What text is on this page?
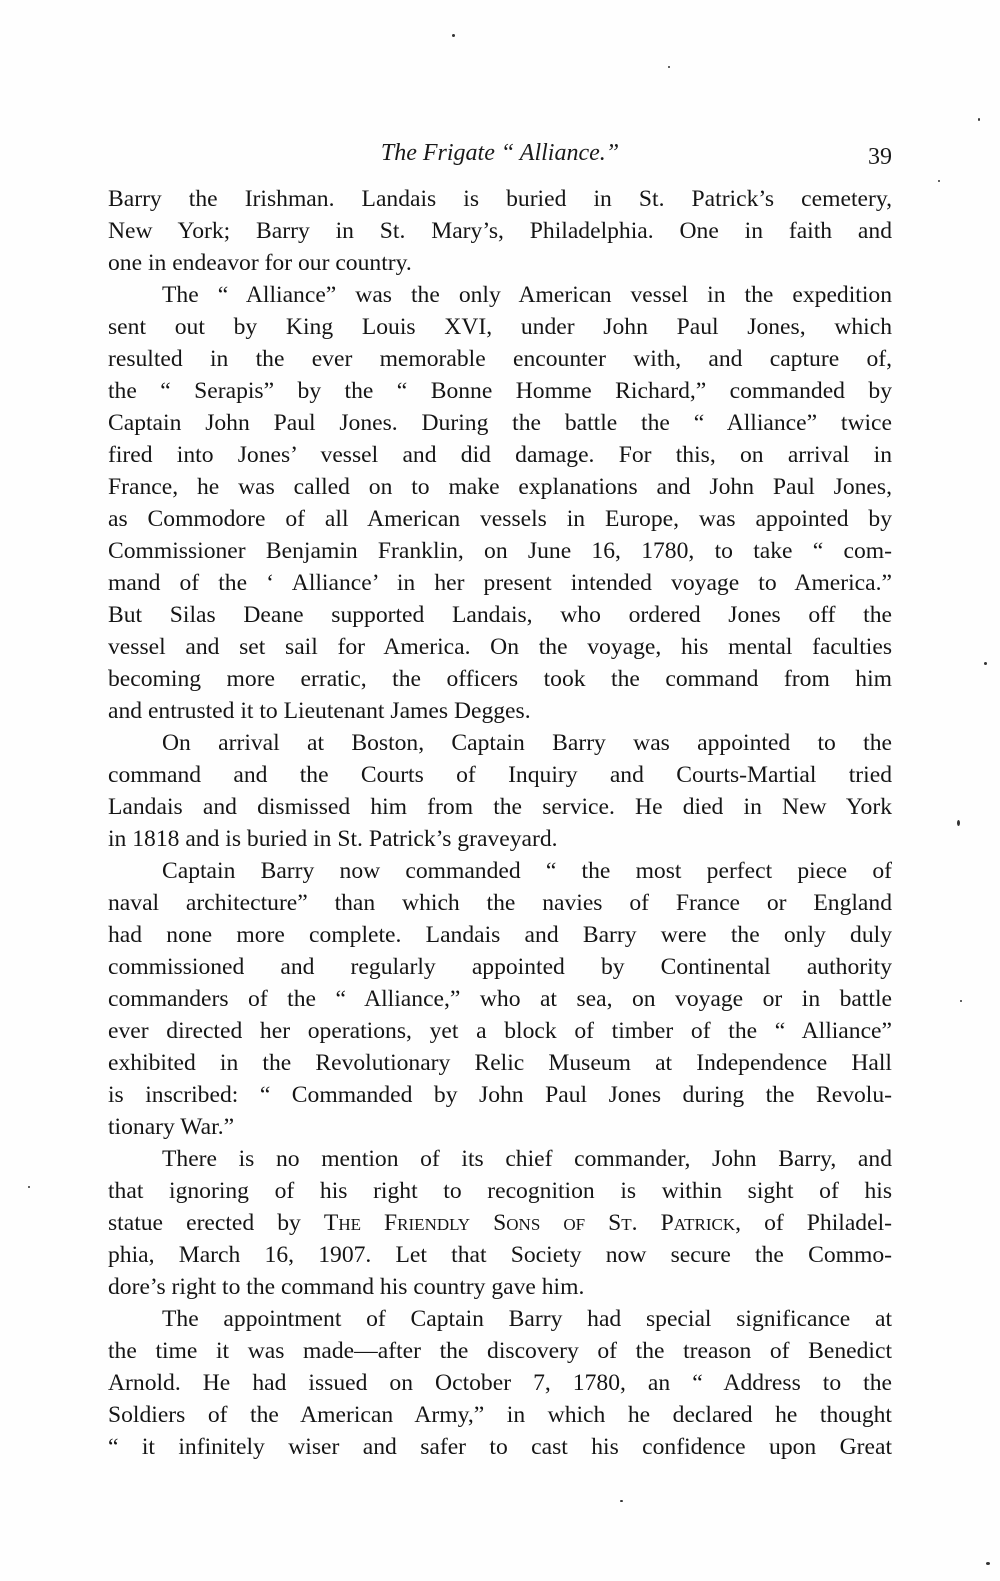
The Frigate “ Alliance.”	39
Barry the Irishman. Landais is buried in St. Patrick’s cemetery,
New York; Barry in St. Mary’s, Philadelphia. One in faith and
one in endeavor for our country.
The “ Alliance” was the only American vessel in the expedition
sent out by King Louis XVI, under John Paul Jones, which
resulted in the ever memorable encounter with, and capture of,
the “ Serapis” by the “ Bonne Homme Richard,” commanded by
Captain John Paul Jones. During the battle the “ Alliance” twice
fired into Jones’ vessel and did damage. For this, on arrival in
France, he was called on to make explanations and John Paul Jones,
as Commodore of all American vessels in Europe, was appointed by
Commissioner Benjamin Franklin, on June 16, 1780, to take “ com-
mand of the ‘ Alliance’ in her present intended voyage to America.”
But Silas Deane supported Landais, who ordered Jones off the
vessel and set sail for America. On the voyage, his mental faculties
becoming more erratic, the officers took the command from him
and entrusted it to Lieutenant James Degges.
On arrival at Boston, Captain Barry was appointed to the
command and the Courts of Inquiry and Courts-Martial tried
Landais and dismissed him from the service. He died in New York
in 1818 and is buried in St. Patrick’s graveyard.
Captain Barry now commanded “ the most perfect piece of
naval architecture” than which the navies of France or England
had none more complete. Landais and Barry were the only duly
commissioned and regularly appointed by Continental authority
commanders of the “ Alliance,” who at sea, on voyage or in battle
ever directed her operations, yet a block of timber of the “ Alliance”
exhibited in the Revolutionary Relic Museum at Independence Hall
is inscribed: “ Commanded by John Paul Jones during the Revolu-
tionary War.”
There is no mention of its chief commander, John Barry, and
that ignoring of his right to recognition is within sight of his
statue erected by The Friendly Sons of St. Patrick, of Philadel-
phia, March 16, 1907. Let that Society now secure the Commo-
dore’s right to the command his country gave him.
The appointment of Captain Barry had special significance at
the time it was made—after the discovery of the treason of Benedict
Arnold. He had issued on October 7, 1780, an “ Address to the
Soldiers of the American Army,” in which he declared he thought
“ it infinitely wiser and safer to cast his confidence upon Great
